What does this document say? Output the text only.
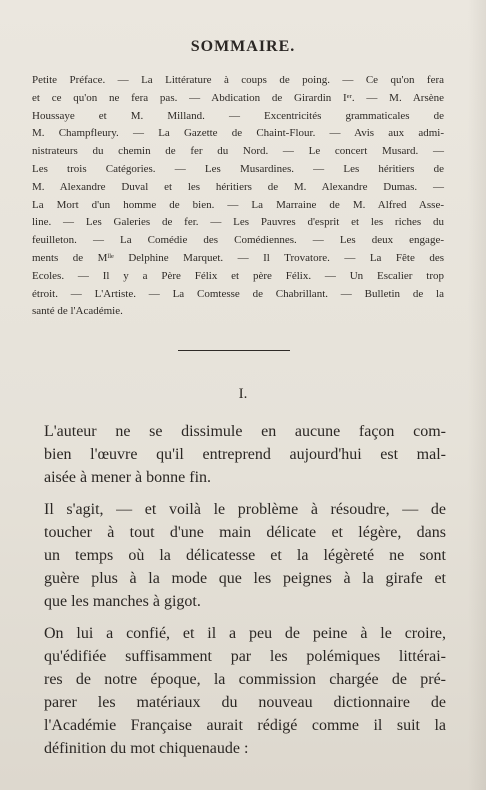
SOMMAIRE.
Petite Préface. — La Littérature à coups de poing. — Ce qu'on fera
et ce qu'on ne fera pas. — Abdication de Girardin Iᵉʳ. — M. Arsène
Houssaye et M. Milland. — Excentricités grammaticales de
M. Champfleury. — La Gazette de Chaint-Flour. — Avis aux admi-
nistrateurs du chemin de fer du Nord. — Le concert Musard. —
Les trois Catégories. — Les Musardines. — Les héritiers de
M. Alexandre Duval et les héritiers de M. Alexandre Dumas. —
La Mort d'un homme de bien. — La Marraine de M. Alfred Asse-
line. — Les Galeries de fer. — Les Pauvres d'esprit et les riches du
feuilleton. — La Comédie des Comédiennes. — Les deux engage-
ments de Mˡˡᵉ Delphine Marquet. — Il Trovatore. — La Fête des
Ecoles. — Il y a Père Félix et père Félix. — Un Escalier trop
étroit. — L'Artiste. — La Comtesse de Chabrillant. — Bulletin de la
santé de l'Académie.
I.
L'auteur ne se dissimule en aucune façon com-
bien l'œuvre qu'il entreprend aujourd'hui est mal-
aisée à mener à bonne fin.
Il s'agit, — et voilà le problème à résoudre, — de
toucher à tout d'une main délicate et légère, dans
un temps où la délicatesse et la légèreté ne sont
guère plus à la mode que les peignes à la girafe et
que les manches à gigot.
On lui a confié, et il a peu de peine à le croire,
qu'édifiée suffisamment par les polémiques littérai-
res de notre époque, la commission chargée de pré-
parer les matériaux du nouveau dictionnaire de
l'Académie Française aurait rédigé comme il suit la
définition du mot chiquenaude :
